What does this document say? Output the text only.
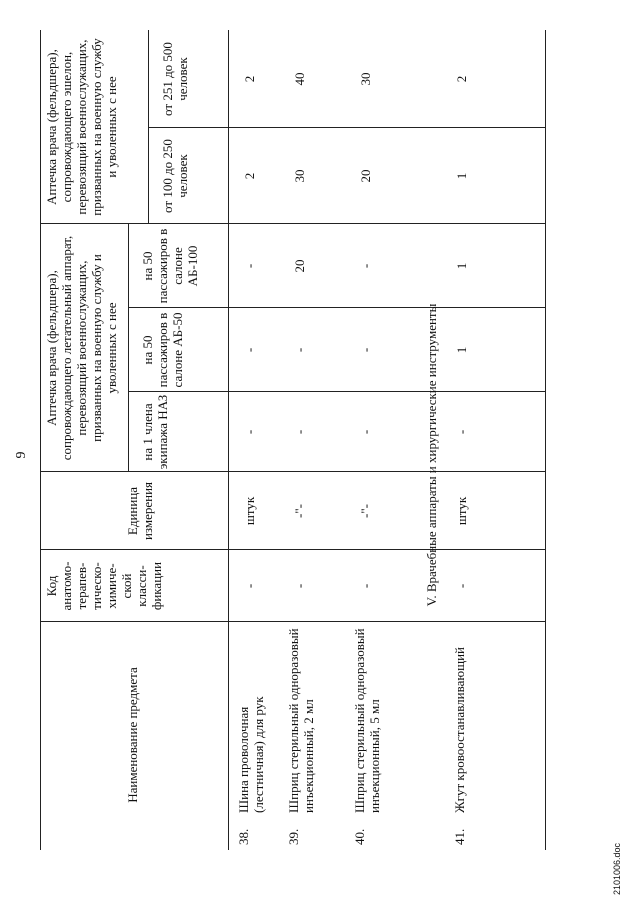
9
Наименование предмета
Код анатомо-терапев-тическо-химиче-ской класси-фикации
Единица измерения
Аптечка врача (фельдшера), сопровождающего летательный аппарат, перевозящий военнослужащих, призванных на военную службу и уволенных с нее
на 1 члена экипажа НАЗ
на 50 пассажиров в салоне АБ-50
на 50 пассажиров в салоне АБ-100
Аптечка врача (фельдшера), сопровождающего эшелон, перевозящий военнослужащих, призванных на военную службу и уволенных с нее	от 100 до 250 человек
от 251 до 500 человек
38.
Шина проволочная (лестничная) для рук
-
штук
-
-
-
2
2
39.
Шприц стерильный одноразовый инъекционный, 2 мл
-
-"-
-
-
20
30
40
40.
Шприц стерильный одноразовый инъекционный, 5 мл
-
-"-
-
-
-
20
30
V. Врачебные аппараты и хирургические инструменты
41.
Жгут кровоостанавливающий
-
штук
-
1
1
1
2
2101006.doc
